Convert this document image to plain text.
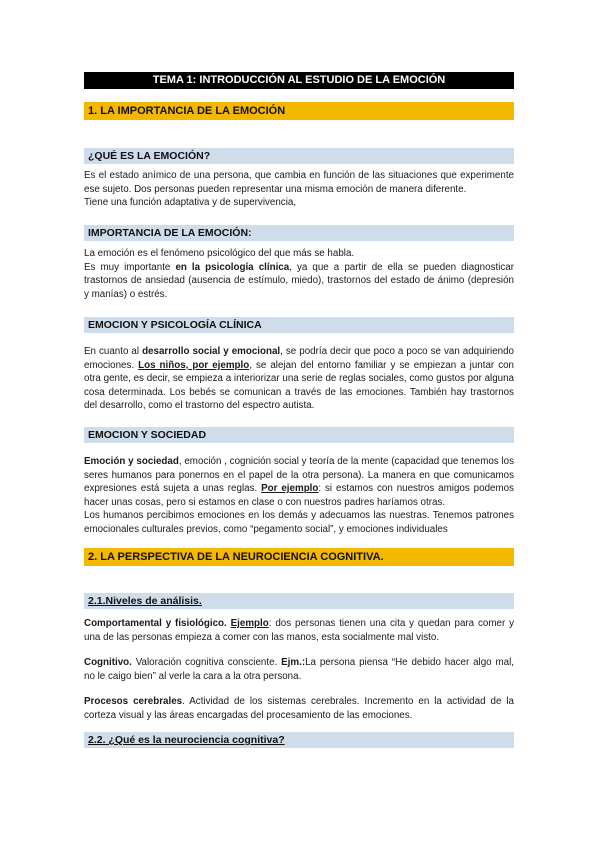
TEMA 1: INTRODUCCIÓN AL ESTUDIO DE LA EMOCIÓN
1. LA IMPORTANCIA DE LA EMOCIÓN
¿QUÉ ES LA EMOCIÓN?
Es el estado anímico de una persona, que cambia en función de las situaciones que experimente ese sujeto. Dos personas pueden representar una misma emoción de manera diferente.
Tiene una función adaptativa y de supervivencia,
IMPORTANCIA DE LA EMOCIÓN:
La emoción es el fenómeno psicológico del que más se habla.
Es muy importante en la psicología clínica, ya que a partir de ella se pueden diagnosticar trastornos de ansiedad (ausencia de estímulo, miedo), trastornos del estado de ánimo (depresión y manías) o estrés.
EMOCION Y PSICOLOGÍA CLÍNICA
En cuanto al desarrollo social y emocional, se podría decir que poco a poco se van adquiriendo emociones. Los niños, por ejemplo, se alejan del entorno familiar y se empiezan a juntar con otra gente, es decir, se empieza a interiorizar una serie de reglas sociales, como gustos por alguna cosa determinada. Los bebés se comunican a través de las emociones. También hay trastornos del desarrollo, como el trastorno del espectro autista.
EMOCION Y SOCIEDAD
Emoción y sociedad, emoción , cognición social y teoría de la mente (capacidad que tenemos los seres humanos para ponernos en el papel de la otra persona). La manera en que comunicamos expresiones está sujeta a unas reglas. Por ejemplo: si estamos con nuestros amigos podemos hacer unas cosas, pero si estamos en clase o con nuestros padres haríamos otras.
Los humanos percibimos emociones en los demás y adecuamos las nuestras. Tenemos patrones emocionales culturales previos, como “pegamento social”, y emociones individuales
2. LA PERSPECTIVA DE LA NEUROCIENCIA COGNITIVA.
2.1.Niveles de análisis.
Comportamental y fisiológico. Ejemplo: dos personas tienen una cita y quedan para comer y una de las personas empieza a comer con las manos, esta socialmente mal visto.
Cognitivo. Valoración cognitiva consciente. Ejm.:La persona piensa “He debido hacer algo mal, no le caigo bien” al verle la cara a la otra persona.
Procesos cerebrales. Actividad de los sistemas cerebrales. Incremento en la actividad de la corteza visual y las áreas encargadas del procesamiento de las emociones.
2.2. ¿Qué es la neurociencia cognitiva?
